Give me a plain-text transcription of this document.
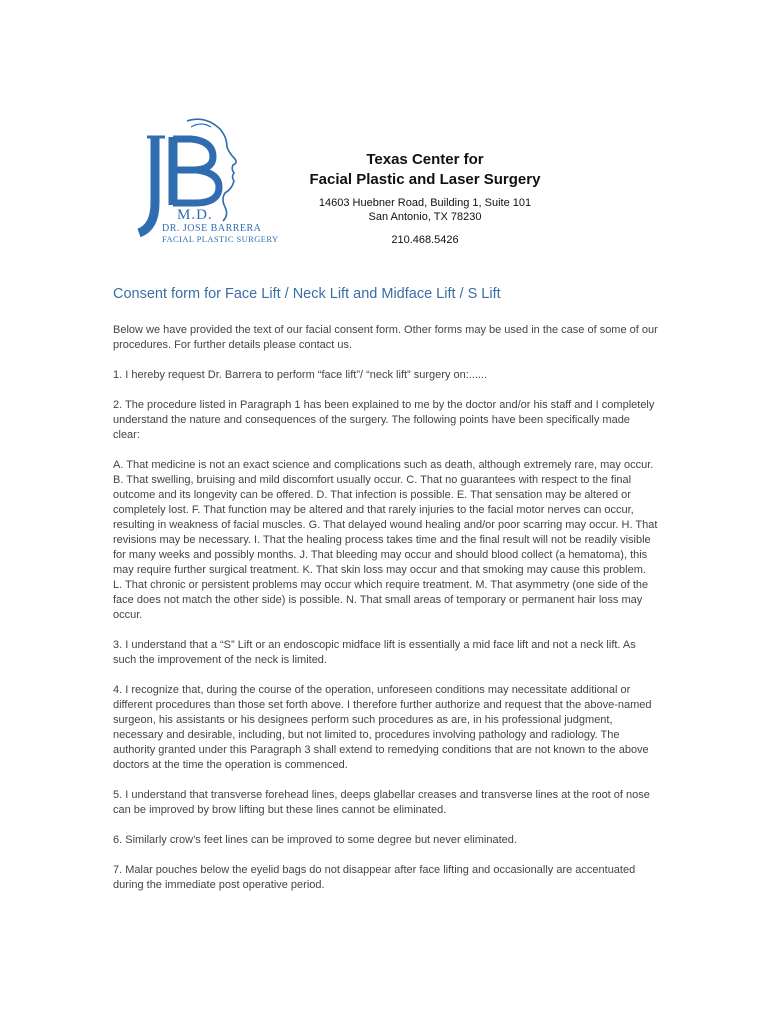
M.D.
DR. JOSE BARRERA
FACIAL PLASTIC SURGERY
Texas Center for
Facial Plastic and Laser Surgery
14603 Huebner Road, Building 1, Suite 101
San Antonio, TX 78230
210.468.5426
Consent form for Face Lift / Neck Lift and Midface Lift / S Lift

Below we have provided the text of our facial consent form. Other forms may be used in the case of some of our procedures. For further details please contact us.

1. I hereby request Dr. Barrera to perform “face lift”/ “neck lift” surgery on:......

2. The procedure listed in Paragraph 1 has been explained to me by the doctor and/or his staff and I completely understand the nature and consequences of the surgery. The following points have been specifically made clear:

A. That medicine is not an exact science and complications such as death, although extremely rare, may occur. B. That swelling, bruising and mild discomfort usually occur. C. That no guarantees with respect to the final outcome and its longevity can be offered. D. That infection is possible. E. That sensation may be altered or completely lost. F. That function may be altered and that rarely injuries to the facial motor nerves can occur, resulting in weakness of facial muscles. G. That delayed wound healing and/or poor scarring may occur. H. That revisions may be necessary. I. That the healing process takes time and the final result will not be readily visible for many weeks and possibly months. J. That bleeding may occur and should blood collect (a hematoma), this may require further surgical treatment. K. That skin loss may occur and that smoking may cause this problem. L. That chronic or persistent problems may occur which require treatment. M. That asymmetry (one side of the face does not match the other side) is possible. N. That small areas of temporary or permanent hair loss may occur.

3. I understand that a “S” Lift or an endoscopic midface lift is essentially a mid face lift and not a neck lift. As such the improvement of the neck is limited.

4. I recognize that, during the course of the operation, unforeseen conditions may necessitate additional or different procedures than those set forth above. I therefore further authorize and request that the above-named surgeon, his assistants or his designees perform such procedures as are, in his professional judgment, necessary and desirable, including, but not limited to, procedures involving pathology and radiology. The authority granted under this Paragraph 3 shall extend to remedying conditions that are not known to the above doctors at the time the operation is commenced.

5. I understand that transverse forehead lines, deeps glabellar creases and transverse lines at the root of nose can be improved by brow lifting but these lines cannot be eliminated.

6. Similarly crow’s feet lines can be improved to some degree but never eliminated.

7. Malar pouches below the eyelid bags do not disappear after face lifting and occasionally are accentuated during the immediate post operative period.
